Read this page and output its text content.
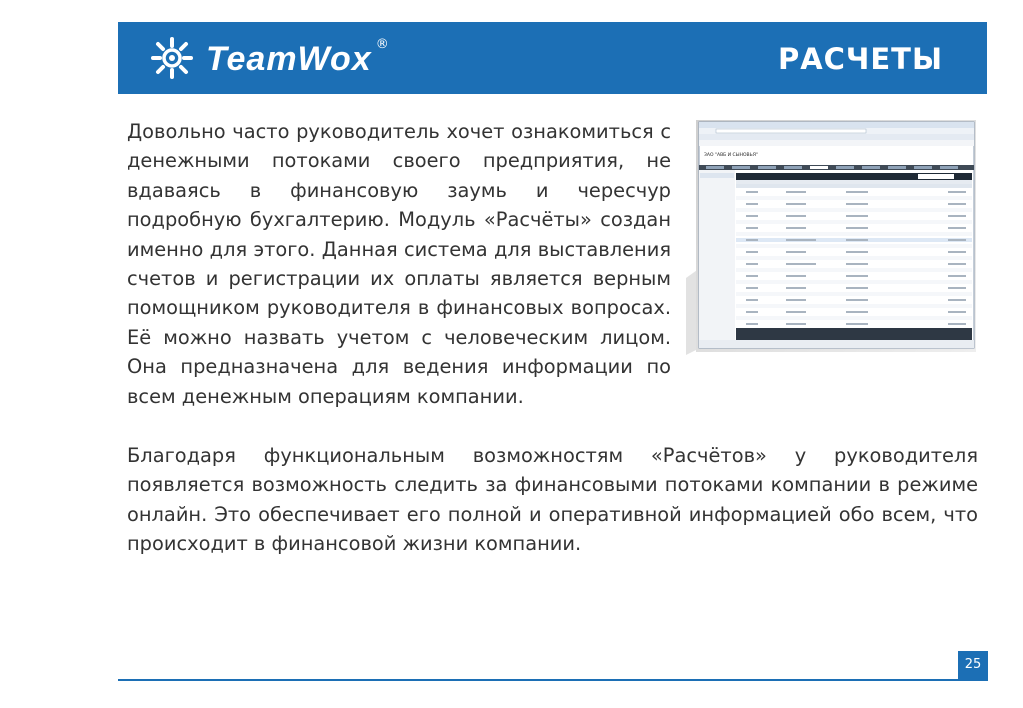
TeamWox ®	РАСЧЕТЫ

Довольно часто руководитель хочет ознакомиться с денежными потоками своего предприятия, не вдаваясь в финансовую заумь и чересчур подробную бухгалтерию. Модуль «Расчёты» создан именно для этого. Данная система для выставления счетов и регистрации их оплаты является верным помощником руководителя в финансовых вопросах. Её можно назвать учетом с человеческим лицом. Она предназначена для ведения информации по всем денежным операциям компании.

ЗАО "АВБ И СЫНОВЬЯ"

Благодаря функциональным возможностям «Расчётов» у руководителя появляется возможность следить за финансовыми потоками компании в режиме онлайн. Это обеспечивает его полной и оперативной информацией обо всем, что происходит в финансовой жизни компании.

25
